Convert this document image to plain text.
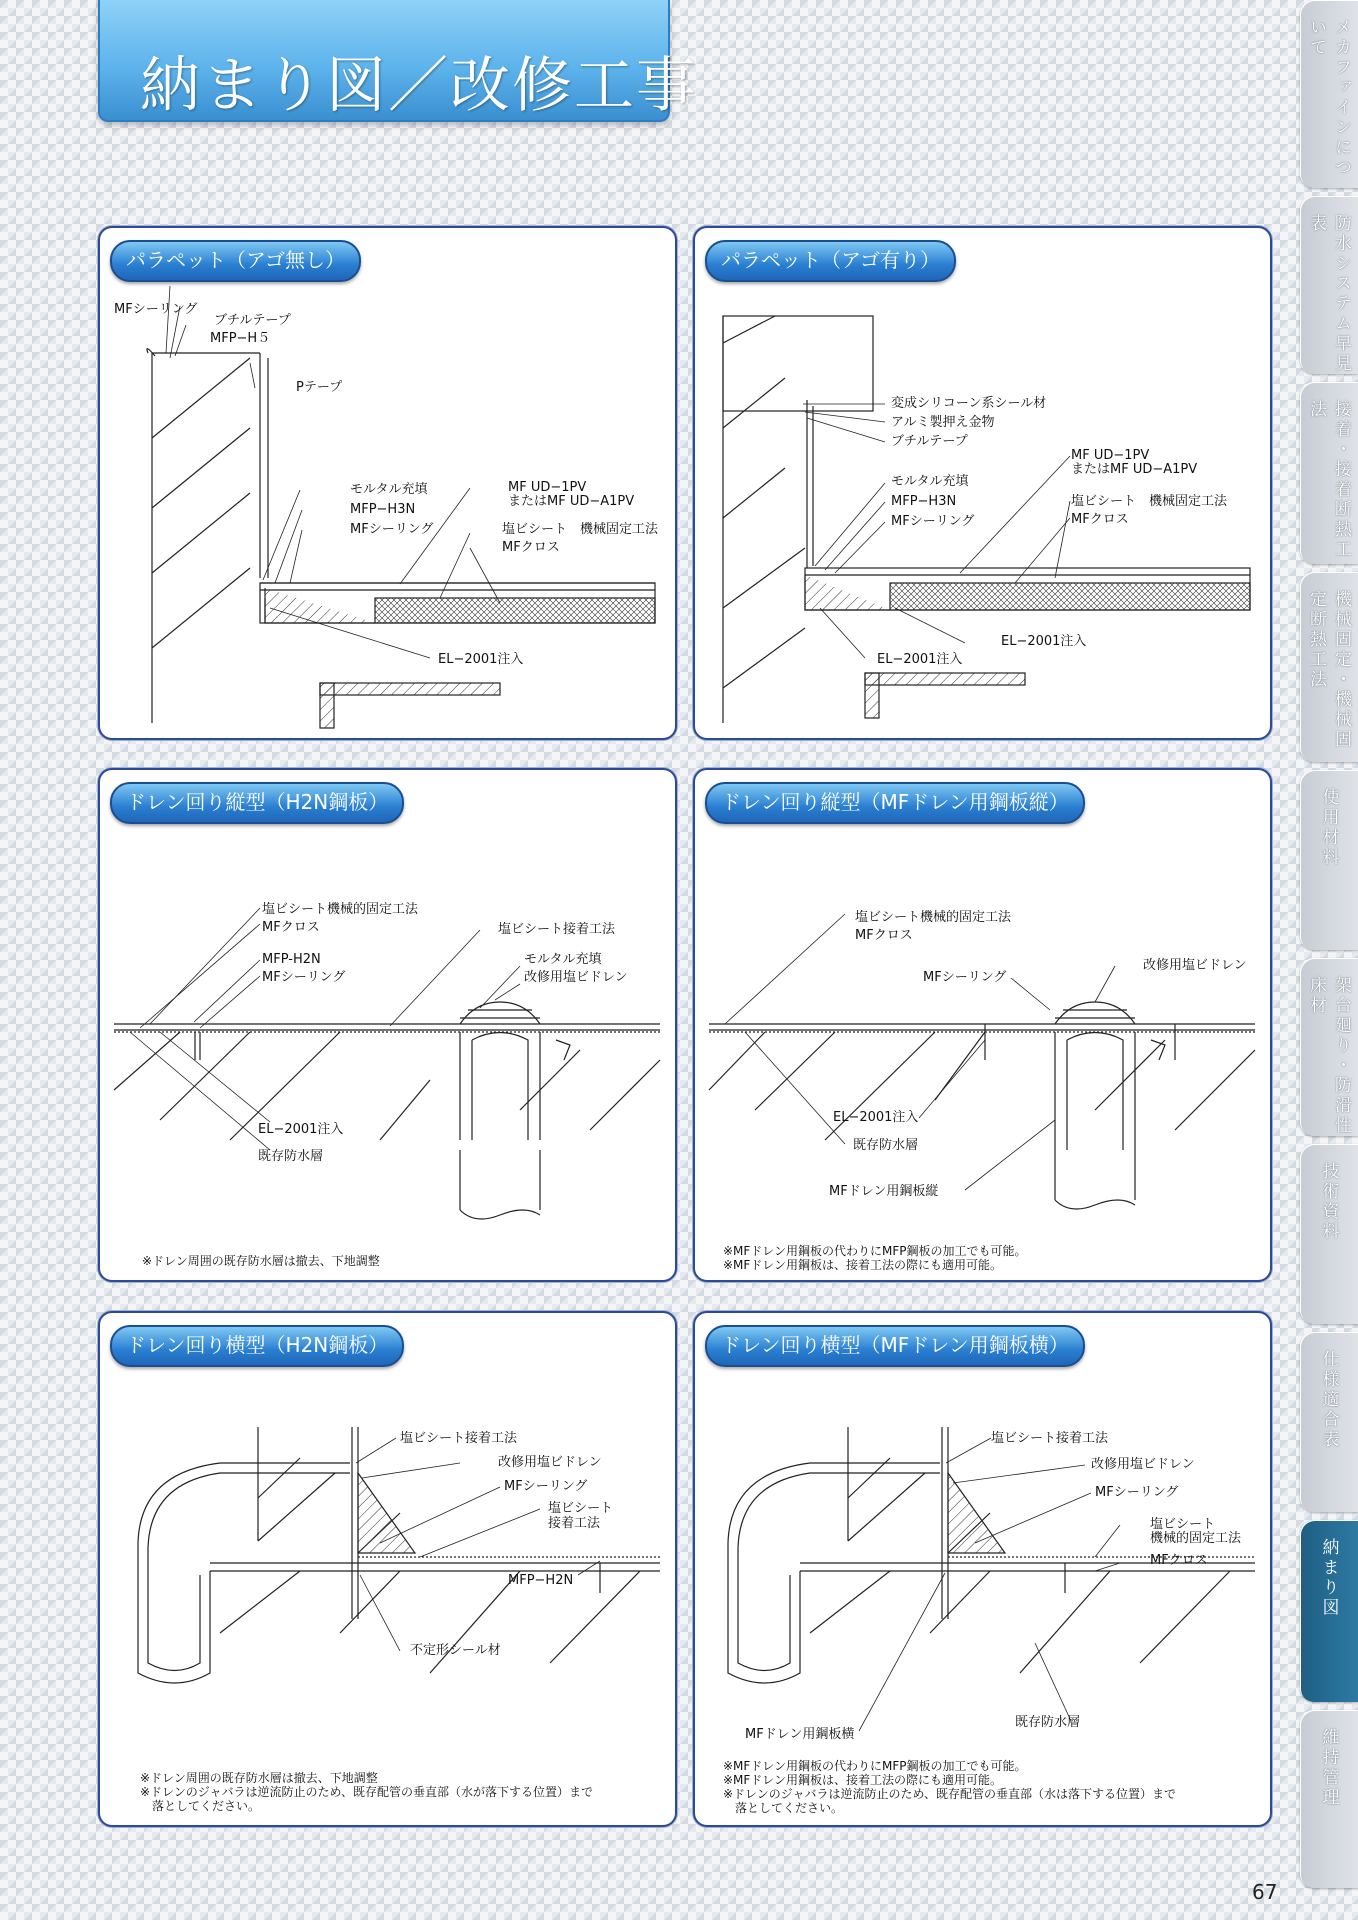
納まり図／改修工事	メカファインについて
防水システム早見表
接着・接着断熱工法
機械固定・機械固定断熱工法
使用材料
架台廻り・防滑性床材
技術資料
仕様適合表
納まり図
維持管理
パラペット（アゴ無し）
MFシーリング
ブチルテープ
MFP−H５
Pテープ
モルタル充填
MFP−H3N
MFシーリング
MF UD−1PV
またはMF UD−A1PV
塩ビシート　機械固定工法
MFクロス
EL−2001注入
パラペット（アゴ有り）
変成シリコーン系シール材
アルミ製押え金物
ブチルテープ
モルタル充填
MFP−H3N
MFシーリング
MF UD−1PV
またはMF UD−A1PV
塩ビシート　機械固定工法
MFクロス
EL−2001注入
EL−2001注入
ドレン回り縦型（H2N鋼板）
塩ビシート機械的固定工法
MFクロス	塩ビシート接着工法
MFP-H2N
MFシーリング
モルタル充填
改修用塩ビドレン
EL−2001注入
既存防水層
※ドレン周囲の既存防水層は撤去、下地調整
ドレン回り縦型（MFドレン用鋼板縦）
塩ビシート機械的固定工法
MFクロス
MFシーリング
改修用塩ビドレン
EL−2001注入
既存防水層
MFドレン用鋼板縦
※MFドレン用鋼板の代わりにMFP鋼板の加工でも可能。
※MFドレン用鋼板は、接着工法の際にも適用可能。
ドレン回り横型（H2N鋼板）
塩ビシート接着工法
改修用塩ビドレン
MFシーリング
塩ビシート
接着工法
MFP−H2N
不定形シール材
※ドレン周囲の既存防水層は撤去、下地調整
※ドレンのジャバラは逆流防止のため、既存配管の垂直部（水が落下する位置）まで
　落としてください。
ドレン回り横型（MFドレン用鋼板横）
塩ビシート接着工法
改修用塩ビドレン
MFシーリング
塩ビシート
機械的固定工法
MFクロス
既存防水層
MFドレン用鋼板横
※MFドレン用鋼板の代わりにMFP鋼板の加工でも可能。
※MFドレン用鋼板は、接着工法の際にも適用可能。
※ドレンのジャバラは逆流防止のため、既存配管の垂直部（水は落下する位置）まで
　落としてください。
67
